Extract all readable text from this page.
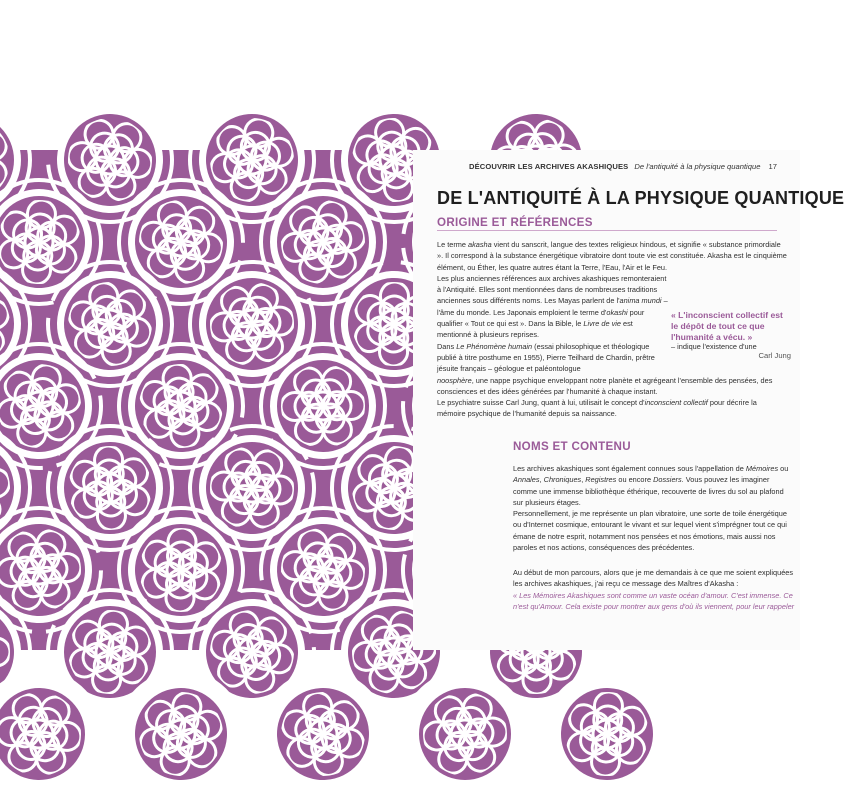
DÉCOUVRIR LES ARCHIVES AKASHIQUES De l'antiquité à la physique quantique 17
DE L'ANTIQUITÉ À LA PHYSIQUE QUANTIQUE
ORIGINE ET RÉFÉRENCES

Le terme akasha vient du sanscrit, langue des textes religieux hindous, et signifie « substance primordiale ». Il correspond à la substance énergétique vibratoire dont toute vie est constituée. Akasha est le cinquième élément, ou Éther, les quatre autres étant la Terre, l'Eau, l'Air et le Feu.

Les plus anciennes références aux archives akashiques remonteraient à l'Antiquité. Elles sont mentionnées dans de nombreuses traditions anciennes sous différents noms. Les Mayas parlent de l'anima mundi – l'âme du monde. Les Japonais emploient le terme d'okashi pour qualifier « Tout ce qui est ». Dans la Bible, le Livre de vie est mentionné à plusieurs reprises.

Dans Le Phénomène humain (essai philosophique et théologique publié à titre posthume en 1955), Pierre Teilhard de Chardin, prêtre jésuite français – géologue et paléontologue – indique l'existence d'une noosphère, une nappe psychique enveloppant notre planète et agrégeant l'ensemble des pensées, des consciences et des idées générées par l'humanité à chaque instant.

Le psychiatre suisse Carl Jung, quant à lui, utilisait le concept d'inconscient collectif pour décrire la mémoire psychique de l'humanité depuis sa naissance.

« L'inconscient collectif est le dépôt de tout ce que l'humanité a vécu. »
Carl Jung
NOMS ET CONTENU

Les archives akashiques sont également connues sous l'appellation de Mémoires ou Annales, Chroniques, Registres ou encore Dossiers. Vous pouvez les imaginer comme une immense bibliothèque éthérique, recouverte de livres du sol au plafond sur plusieurs étages.

Personnellement, je me représente un plan vibratoire, une sorte de toile énergétique ou d'Internet cosmique, entourant le vivant et sur lequel vient s'imprégner tout ce qui émane de notre esprit, notamment nos pensées et nos émotions, mais aussi nos paroles et nos actions, conséquences des précédentes.

Au début de mon parcours, alors que je me demandais à ce que me soient expliquées les archives akashiques, j'ai reçu ce message des Maîtres d'Akasha :

« Les Mémoires Akashiques sont comme un vaste océan d'amour. C'est immense. Ce n'est qu'Amour. Cela existe pour montrer aux gens d'où ils viennent, pour leur rappeler
